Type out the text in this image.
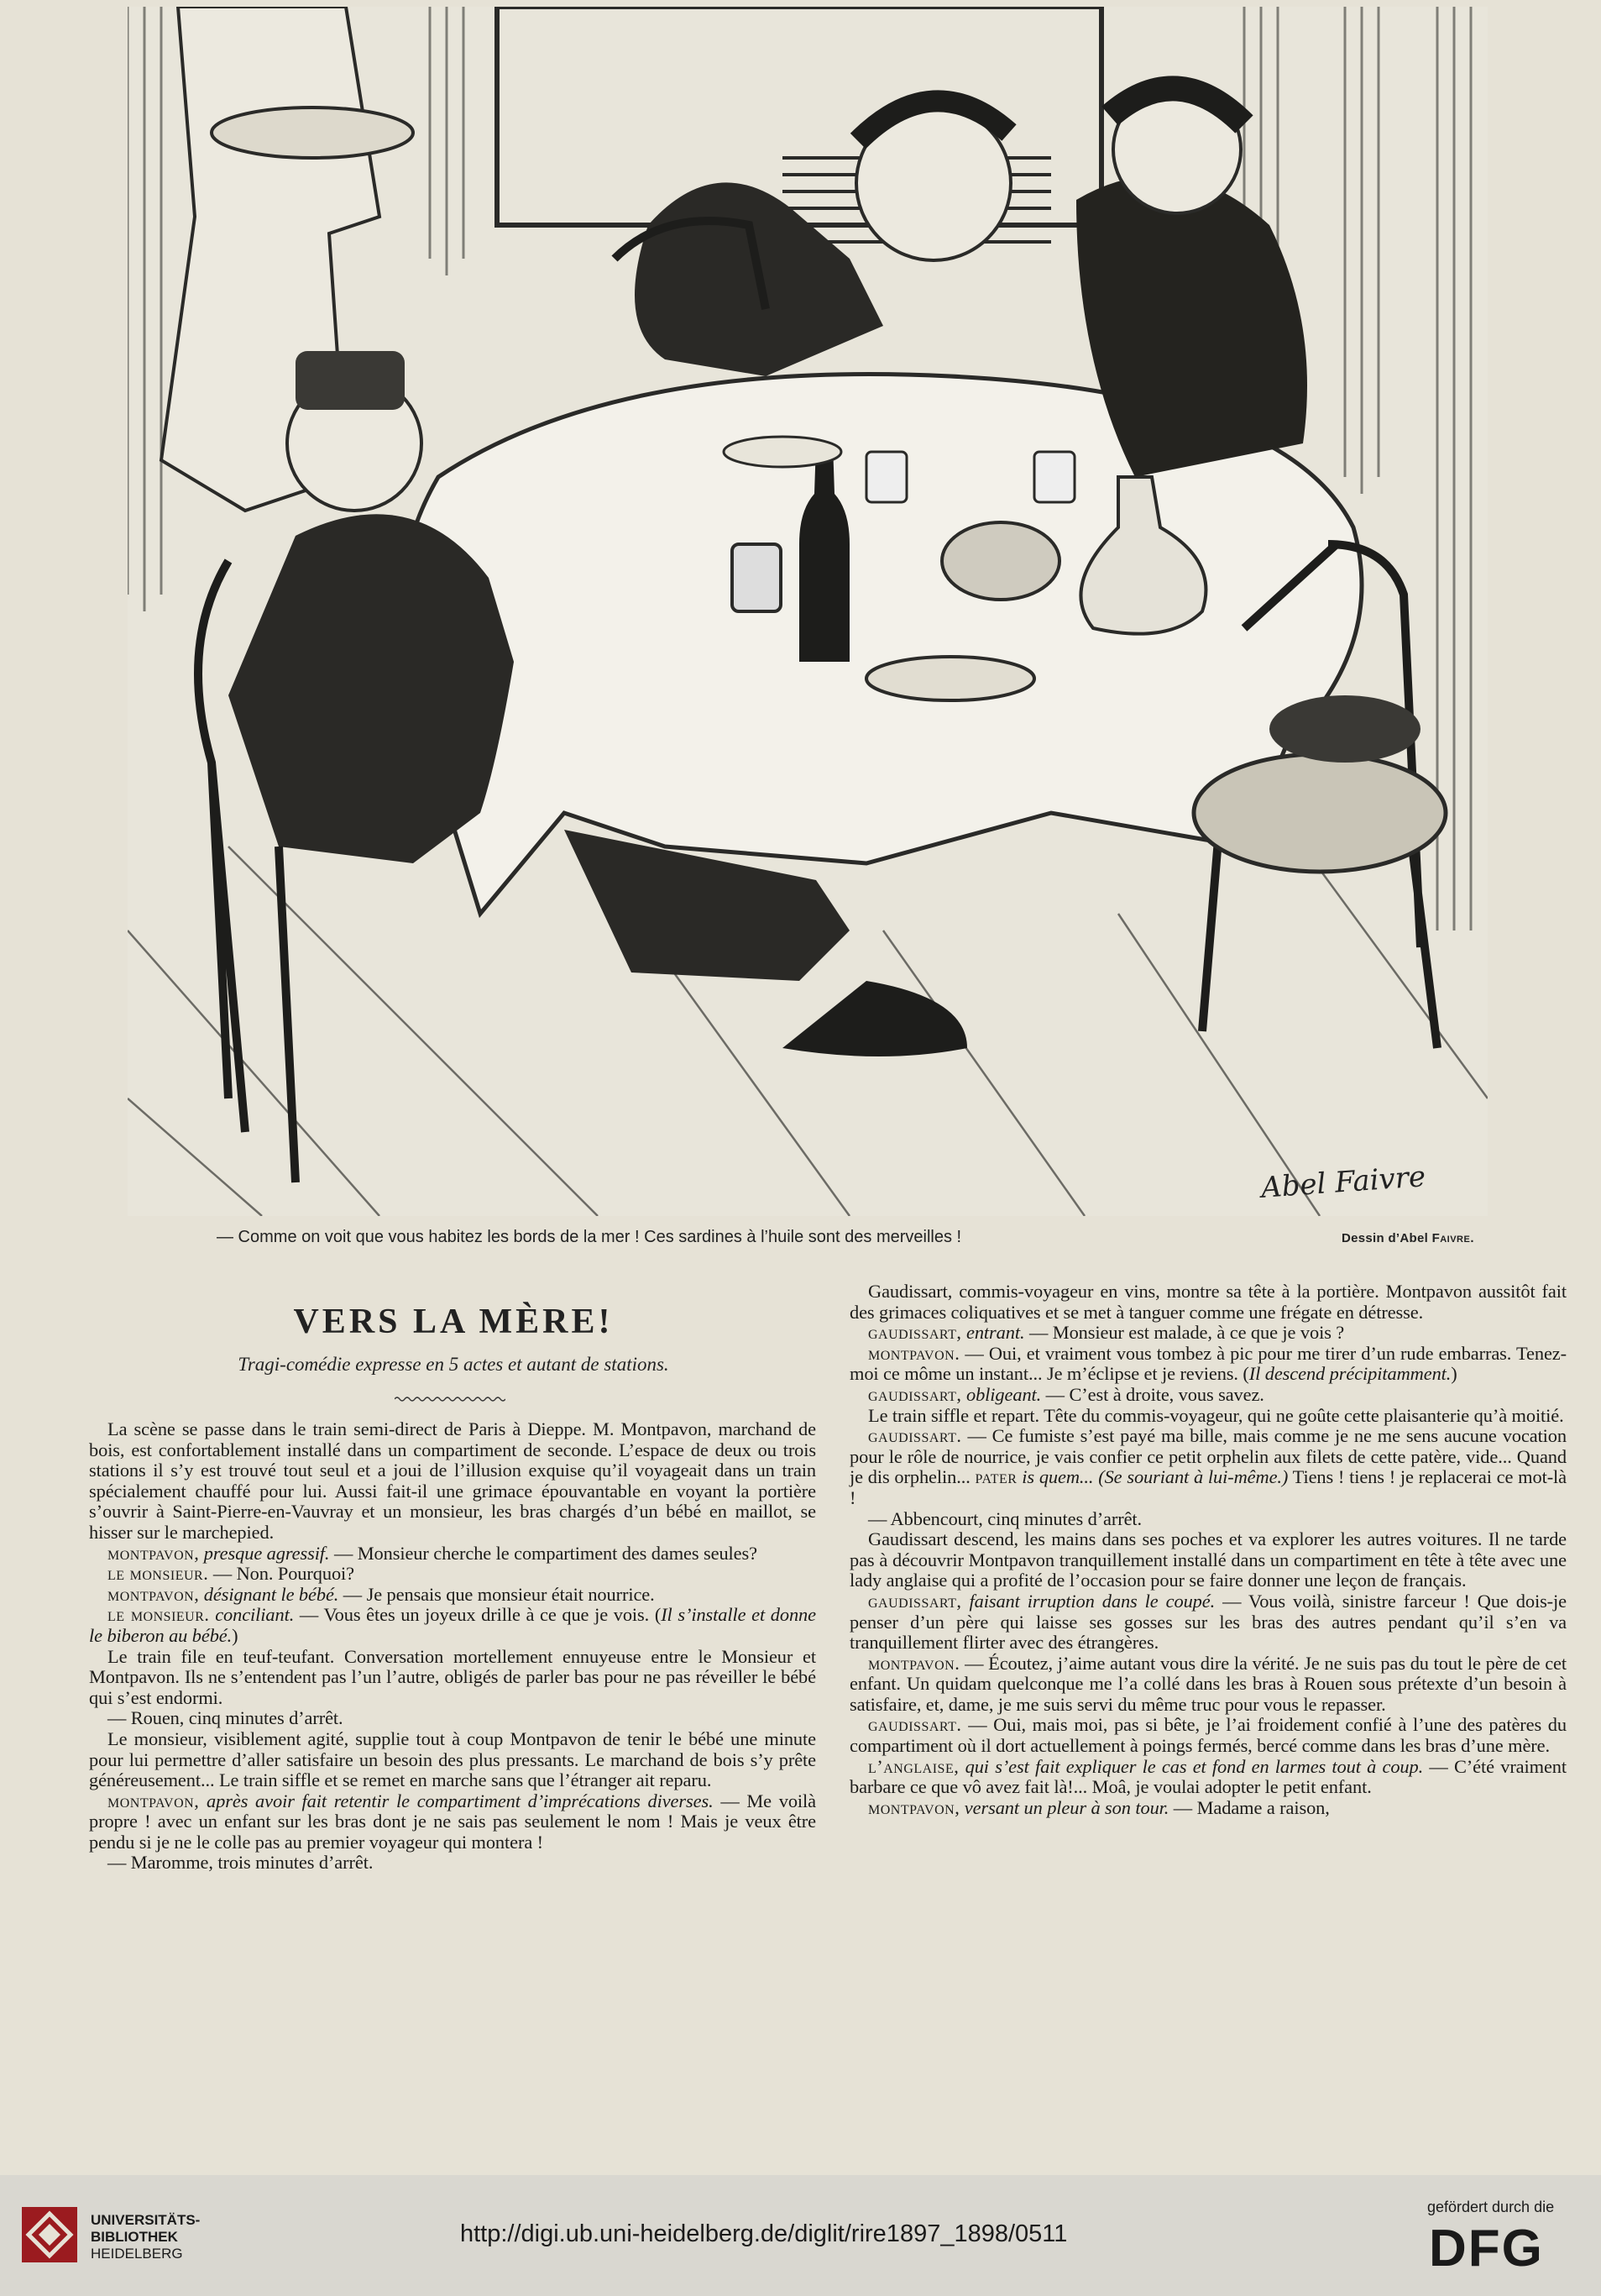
Abel Faivre
— Comme on voit que vous habitez les bords de la mer ! Ces sardines à l’huile sont des merveilles !	Dessin d’Abel Faivre.
VERS LA MÈRE!
Tragi-comédie expresse en 5 actes et autant de stations.

La scène se passe dans le train semi-direct de Paris à Dieppe. M. Montpavon, marchand de bois, est confortablement installé dans un compartiment de seconde. L’espace de deux ou trois stations il s’y est trouvé tout seul et a joui de l’illusion exquise qu’il voyageait dans un train spécialement chauffé pour lui. Aussi fait-il une grimace épouvantable en voyant la portière s’ouvrir à Saint-Pierre-en-Vauvray et un monsieur, les bras chargés d’un bébé en maillot, se hisser sur le marchepied.

montpavon, presque agressif. — Monsieur cherche le compartiment des dames seules?

le monsieur. — Non. Pourquoi?

montpavon, désignant le bébé. — Je pensais que monsieur était nourrice.

le monsieur. conciliant. — Vous êtes un joyeux drille à ce que je vois. (Il s’installe et donne le biberon au bébé.)

Le train file en teuf-teufant. Conversation mortellement ennuyeuse entre le Monsieur et Montpavon. Ils ne s’entendent pas l’un l’autre, obligés de parler bas pour ne pas réveiller le bébé qui s’est endormi.

— Rouen, cinq minutes d’arrêt.

Le monsieur, visiblement agité, supplie tout à coup Montpavon de tenir le bébé une minute pour lui permettre d’aller satisfaire un besoin des plus pressants. Le marchand de bois s’y prête généreusement... Le train siffle et se remet en marche sans que l’étranger ait reparu.

montpavon, après avoir fait retentir le compartiment d’imprécations diverses. — Me voilà propre ! avec un enfant sur les bras dont je ne sais pas seulement le nom ! Mais je veux être pendu si je ne le colle pas au premier voyageur qui montera !

— Maromme, trois minutes d’arrêt.

Gaudissart, commis-voyageur en vins, montre sa tête à la portière. Montpavon aussitôt fait des grimaces coliquatives et se met à tanguer comme une frégate en détresse.

gaudissart, entrant. — Monsieur est malade, à ce que je vois ?

montpavon. — Oui, et vraiment vous tombez à pic pour me tirer d’un rude embarras. Tenez-moi ce môme un instant... Je m’éclipse et je reviens. (Il descend précipitamment.)

gaudissart, obligeant. — C’est à droite, vous savez.

Le train siffle et repart. Tête du commis-voyageur, qui ne goûte cette plaisanterie qu’à moitié.

gaudissart. — Ce fumiste s’est payé ma bille, mais comme je ne me sens aucune vocation pour le rôle de nourrice, je vais confier ce petit orphelin aux filets de cette patère, vide... Quand je dis orphelin... pater is quem... (Se souriant à lui-même.) Tiens ! tiens ! je replacerai ce mot-là !

— Abbencourt, cinq minutes d’arrêt.

Gaudissart descend, les mains dans ses poches et va explorer les autres voitures. Il ne tarde pas à découvrir Montpavon tranquillement installé dans un compartiment en tête à tête avec une lady anglaise qui a profité de l’occasion pour se faire donner une leçon de français.

gaudissart, faisant irruption dans le coupé. — Vous voilà, sinistre farceur ! Que dois-je penser d’un père qui laisse ses gosses sur les bras des autres pendant qu’il s’en va tranquillement flirter avec des étrangères.

montpavon. — Écoutez, j’aime autant vous dire la vérité. Je ne suis pas du tout le père de cet enfant. Un quidam quelconque me l’a collé dans les bras à Rouen sous prétexte d’un besoin à satisfaire, et, dame, je me suis servi du même truc pour vous le repasser.

gaudissart. — Oui, mais moi, pas si bête, je l’ai froidement confié à l’une des patères du compartiment où il dort actuellement à poings fermés, bercé comme dans les bras d’une mère.

l’anglaise, qui s’est fait expliquer le cas et fond en larmes tout à coup. — C’été vraiment barbare ce que vô avez fait là!... Moâ, je voulai adopter le petit enfant.

montpavon, versant un pleur à son tour. — Madame a raison,

UNIVERSITÄTS-
BIBLIOTHEK
HEIDELBERG
http://digi.ub.uni-heidelberg.de/diglit/rire1897_1898/0511
gefördert durch die
DFG
